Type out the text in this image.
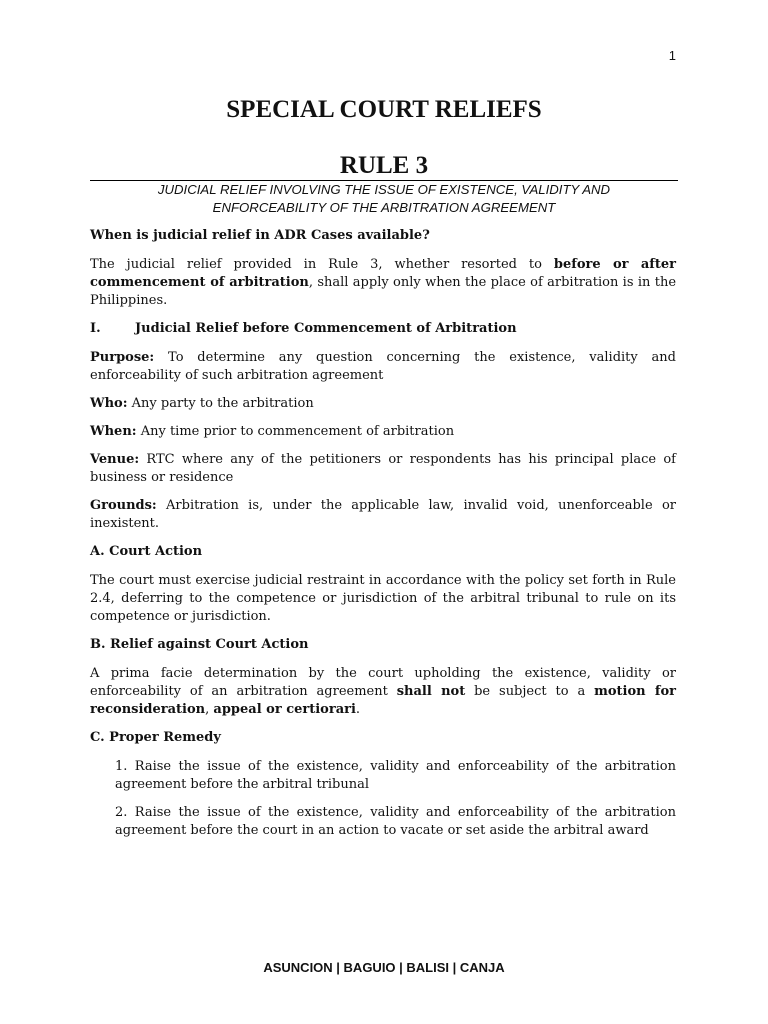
1
SPECIAL COURT RELIEFS
RULE 3
JUDICIAL RELIEF INVOLVING THE ISSUE OF EXISTENCE, VALIDITY AND
ENFORCEABILITY OF THE ARBITRATION AGREEMENT

When is judicial relief in ADR Cases available?

The judicial relief provided in Rule 3, whether resorted to before or after commencement of arbitration, shall apply only when the place of arbitration is in the Philippines.

I.	Judicial Relief before Commencement of Arbitration

Purpose: To determine any question concerning the existence, validity and enforceability of such arbitration agreement

Who: Any party to the arbitration

When: Any time prior to commencement of arbitration

Venue: RTC where any of the petitioners or respondents has his principal place of business or residence

Grounds: Arbitration is, under the applicable law, invalid void, unenforceable or inexistent.

A. Court Action

The court must exercise judicial restraint in accordance with the policy set forth in Rule 2.4, deferring to the competence or jurisdiction of the arbitral tribunal to rule on its competence or jurisdiction.

B. Relief against Court Action

A prima facie determination by the court upholding the existence, validity or enforceability of an arbitration agreement shall not be subject to a motion for reconsideration, appeal or certiorari.

C. Proper Remedy

1. Raise the issue of the existence, validity and enforceability of the arbitration agreement before the arbitral tribunal

2. Raise the issue of the existence, validity and enforceability of the arbitration agreement before the court in an action to vacate or set aside the arbitral award

ASUNCION | BAGUIO | BALISI | CANJA
